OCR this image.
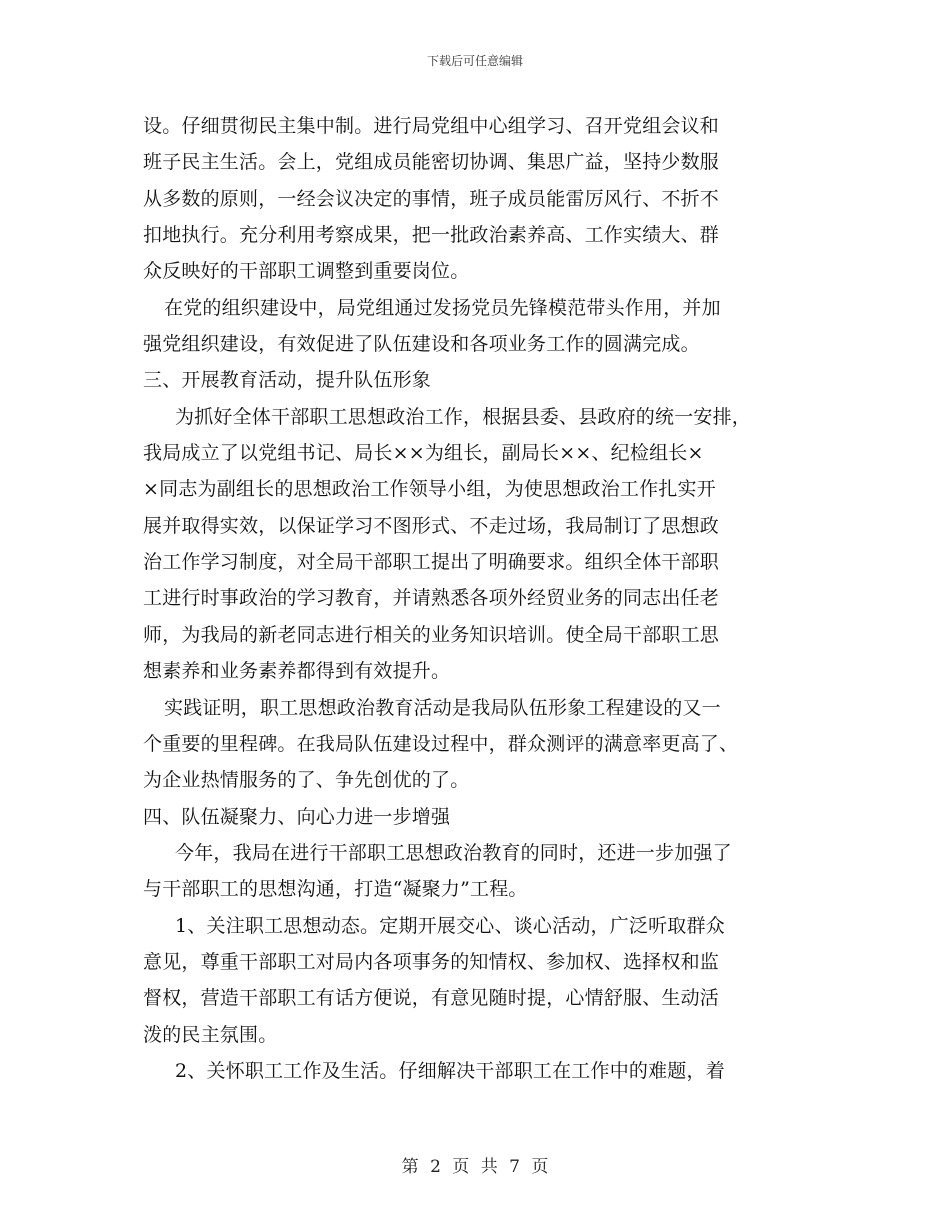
下载后可任意编辑
设。仔细贯彻民主集中制。进行局党组中心组学习、召开党组会议和
班子民主生活。会上，党组成员能密切协调、集思广益，坚持少数服
从多数的原则，一经会议决定的事情，班子成员能雷厉风行、不折不
扣地执行。充分利用考察成果，把一批政治素养高、工作实绩大、群
众反映好的干部职工调整到重要岗位。
在党的组织建设中，局党组通过发扬党员先锋模范带头作用，并加
强党组织建设，有效促进了队伍建设和各项业务工作的圆满完成。
三、开展教育活动，提升队伍形象
为抓好全体干部职工思想政治工作，根据县委、县政府的统一安排，
我局成立了以党组书记、局长××为组长，副局长××、纪检组长×
×同志为副组长的思想政治工作领导小组，为使思想政治工作扎实开
展并取得实效，以保证学习不图形式、不走过场，我局制订了思想政
治工作学习制度，对全局干部职工提出了明确要求。组织全体干部职
工进行时事政治的学习教育，并请熟悉各项外经贸业务的同志出任老
师，为我局的新老同志进行相关的业务知识培训。使全局干部职工思
想素养和业务素养都得到有效提升。
实践证明，职工思想政治教育活动是我局队伍形象工程建设的又一
个重要的里程碑。在我局队伍建设过程中，群众测评的满意率更高了、
为企业热情服务的了、争先创优的了。
四、队伍凝聚力、向心力进一步增强
今年，我局在进行干部职工思想政治教育的同时，还进一步加强了
与干部职工的思想沟通，打造“凝聚力”工程。
1、关注职工思想动态。定期开展交心、谈心活动，广泛听取群众
意见，尊重干部职工对局内各项事务的知情权、参加权、选择权和监
督权，营造干部职工有话方便说，有意见随时提，心情舒服、生动活
泼的民主氛围。
2、关怀职工工作及生活。仔细解决干部职工在工作中的难题，着
第 2 页 共 7 页
